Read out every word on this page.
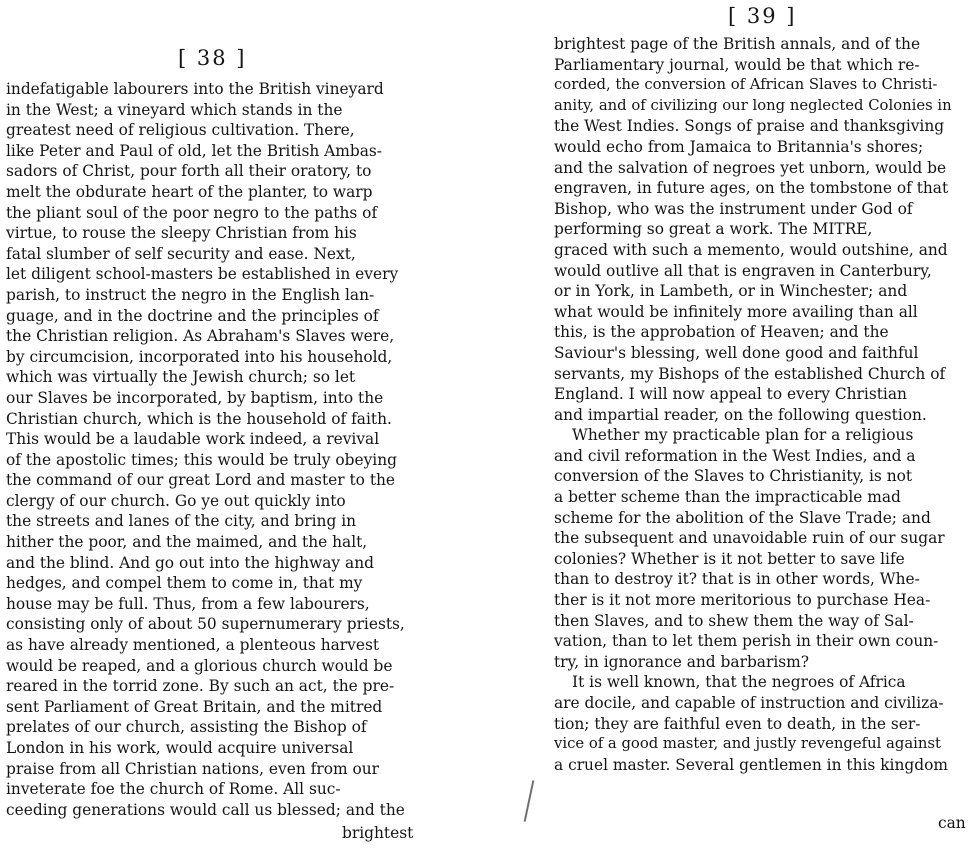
[ 38 ]
indefatigable labourers into the British vineyard
in the West; a vineyard which stands in the
greatest need of religious cultivation. There,
like Peter and Paul of old, let the British Ambas-
sadors of Christ, pour forth all their oratory, to
melt the obdurate heart of the planter, to warp
the pliant soul of the poor negro to the paths of
virtue, to rouse the sleepy Christian from his
fatal slumber of self security and ease. Next,
let diligent school-masters be established in every
parish, to instruct the negro in the English lan-
guage, and in the doctrine and the principles of
the Christian religion. As Abraham's Slaves were,
by circumcision, incorporated into his household,
which was virtually the Jewish church; so let
our Slaves be incorporated, by baptism, into the
Christian church, which is the household of faith.
This would be a laudable work indeed, a revival
of the apostolic times; this would be truly obeying
the command of our great Lord and master to the
clergy of our church. Go ye out quickly into
the streets and lanes of the city, and bring in
hither the poor, and the maimed, and the halt,
and the blind. And go out into the highway and
hedges, and compel them to come in, that my
house may be full. Thus, from a few labourers,
consisting only of about 50 supernumerary priests,
as have already mentioned, a plenteous harvest
would be reaped, and a glorious church would be
reared in the torrid zone. By such an act, the pre-
sent Parliament of Great Britain, and the mitred
prelates of our church, assisting the Bishop of
London in his work, would acquire universal
praise from all Christian nations, even from our
inveterate foe the church of Rome. All suc-
ceeding generations would call us blessed; and the
brightest
[ 39 ]
brightest page of the British annals, and of the
Parliamentary journal, would be that which re-
corded, the conversion of African Slaves to Christi-
anity, and of civilizing our long neglected Colonies in
the West Indies. Songs of praise and thanksgiving
would echo from Jamaica to Britannia's shores;
and the salvation of negroes yet unborn, would be
engraven, in future ages, on the tombstone of that
Bishop, who was the instrument under God of
performing so great a work. The MITRE,
graced with such a memento, would outshine, and
would outlive all that is engraven in Canterbury,
or in York, in Lambeth, or in Winchester; and
what would be infinitely more availing than all
this, is the approbation of Heaven; and the
Saviour's blessing, well done good and faithful
servants, my Bishops of the established Church of
England. I will now appeal to every Christian
and impartial reader, on the following question.
Whether my practicable plan for a religious
and civil reformation in the West Indies, and a
conversion of the Slaves to Christianity, is not
a better scheme than the impracticable mad
scheme for the abolition of the Slave Trade; and
the subsequent and unavoidable ruin of our sugar
colonies? Whether is it not better to save life
than to destroy it? that is in other words, Whe-
ther is it not more meritorious to purchase Hea-
then Slaves, and to shew them the way of Sal-
vation, than to let them perish in their own coun-
try, in ignorance and barbarism?
It is well known, that the negroes of Africa
are docile, and capable of instruction and civiliza-
tion; they are faithful even to death, in the ser-
vice of a good master, and justly revengeful against
a cruel master. Several gentlemen in this kingdom
can
